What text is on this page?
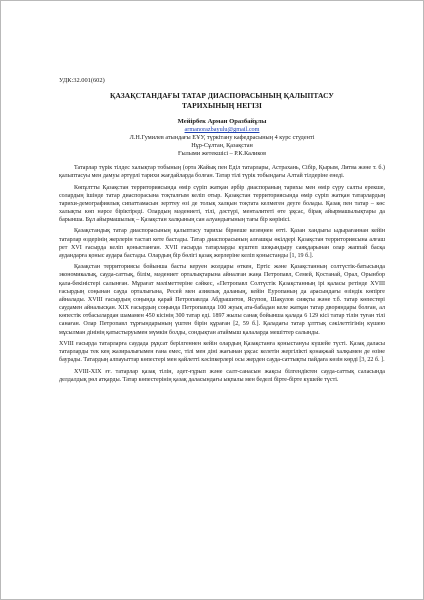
УДК:32.001(602)
ҚАЗАҚСТАНДАҒЫ ТАТАР ДИАСПОРАСЫНЫҢ ҚАЛЫПТАСУ
ТАРИХЫНЫҢ НЕГІЗІ
Мейірбек Арман Оразбайұлы
armanorazbayulu@gmail.com
Л.Н.Гумилев атындағы ЕҰУ, түркітану кафедрасының 4 курс студенті
Нұр-Сұлтан, Қазақстан
Ғылыми жетекшісі – Р.К.Каликов

Татарлар түрік тілдес халықтар тобының (орта Жайық пен Еділ татарлары, Астрахань, Сібір, Қырым, Литва және т. б.) қалыптасуы мен дамуы әртүрлі тарихи жағдайларда болған. Татар тілі түрік тобындағы Алтай тілдеріне енеді.

Көпұлтты Қазақстан территориясында өмір сүріп жатқан әрбір диаспораның тарихы мен өмір сүру салты ерекше, солардың ішінде татар диаспорасына тоқталғым келіп отыр. Қазақстан территориясында өмір сүріп жатқан татарлардың тарихи-демографиялық сипаттамасын зерттеу өзі де толық халқын тоқтата келмеген деуге болады. Қазақ пен татар – көс халықты көп нәрсе біріктіреді. Олардың мәдениеті, тілі, дәстүрі, менталитеті өте ұқсас, бірақ айырмашылықтары да барынша. Бұл айырмашылық – Қазақстан халқының сан алуандығының тағы бір көрінісі.

Қазақстандық татар диаспорасының қалыптасу тарихы бірнеше кезеңнен өтті. Қазан хандығы ыдырағаннан кейін татарлар өздерінің жерлерін тастап кете бастады. Татар диаспорасының алғашқы өкілдері Қазақстан территориясына алғаш рет XVI ғасырда келіп қоныстанған. XVII ғасырда татарларды күштеп шоқындыру саяқдарынан олар жаппай басқа аудандарға қоныс аудара бастады. Олардың бір бөлігі қазақ жерлеріне келіп қоныстанды [1, 19 б.].

Қазақстан территориясы бойынша басты керуен жолдары өткен, Ертіс және Қазақстанның солтүстік-батысында экономикалық, сауда-саттық, білім, мәдениет орталықтарына айналған жаңа Петропавл, Семей, Қостанай, Орал, Орынбор қала-бекіністері салынған. Мұрағат мәліметтеріне сәйкес, «Петропавл Солтүстік Қазақстанның ірі қаласы ретінде XVIII ғасырдың соңынан сауда орталығына, Ресей мен азиялық даланың, кейін Еуропаның да арасындағы өзіндік көпірге айналады. XVIII ғасырдың соңында қарай Петропавлда Абдрашитов, Ясупов, Шақулов сияқты және т.б. татар көпестері саудамен айналысқан. XIX ғасырдың соңында Петропавлда 100 жуық ата-бабадан келе жатқан татар дворяндары болған, ал көпестік отбасылардан шамамен 450 кісінің 300 татар еді. 1897 жылы санақ бойынша қалада 6 129 кісі татар тілін туған тілі санаған. Олар Петропавл тұрғындарының үштен бірін құраған [2, 59 б.]. Қаладағы татар ұлттық сәкілеттігінің күшею мұсылман дінінің қатыстыруымен мүмкін болды, сондықтан атаймыш қалаларда мешіттер салынды.

XVIII ғасырда татарларға саудада рұқсат берілгеннен кейін олардың Қазақстанға қоныстануы күшейе түсті. Қазақ даласы татарларды тек кең жазиралығымен ғана емес, тілі мен діні жағынан ұқсас келетін жергілікті қонақжай халқымен де өзіне баурады. Татардың алпауыттар көпестері мен қайлетті кәсіпкерлері осы жерден сауда-саттықты пайдаға көзін көрді [3, 22 б. ].

XVIII-XIX ғғ. татарлар қазақ тілін, әдет-ғұрып және салт-санасын жақсы білгендіктен сауда-саттық саласында делдалдық рөл атқарды. Татар көпестерінің қазақ даласындағы ықпалы мен беделі бірте-бірте күшейе түсті.
